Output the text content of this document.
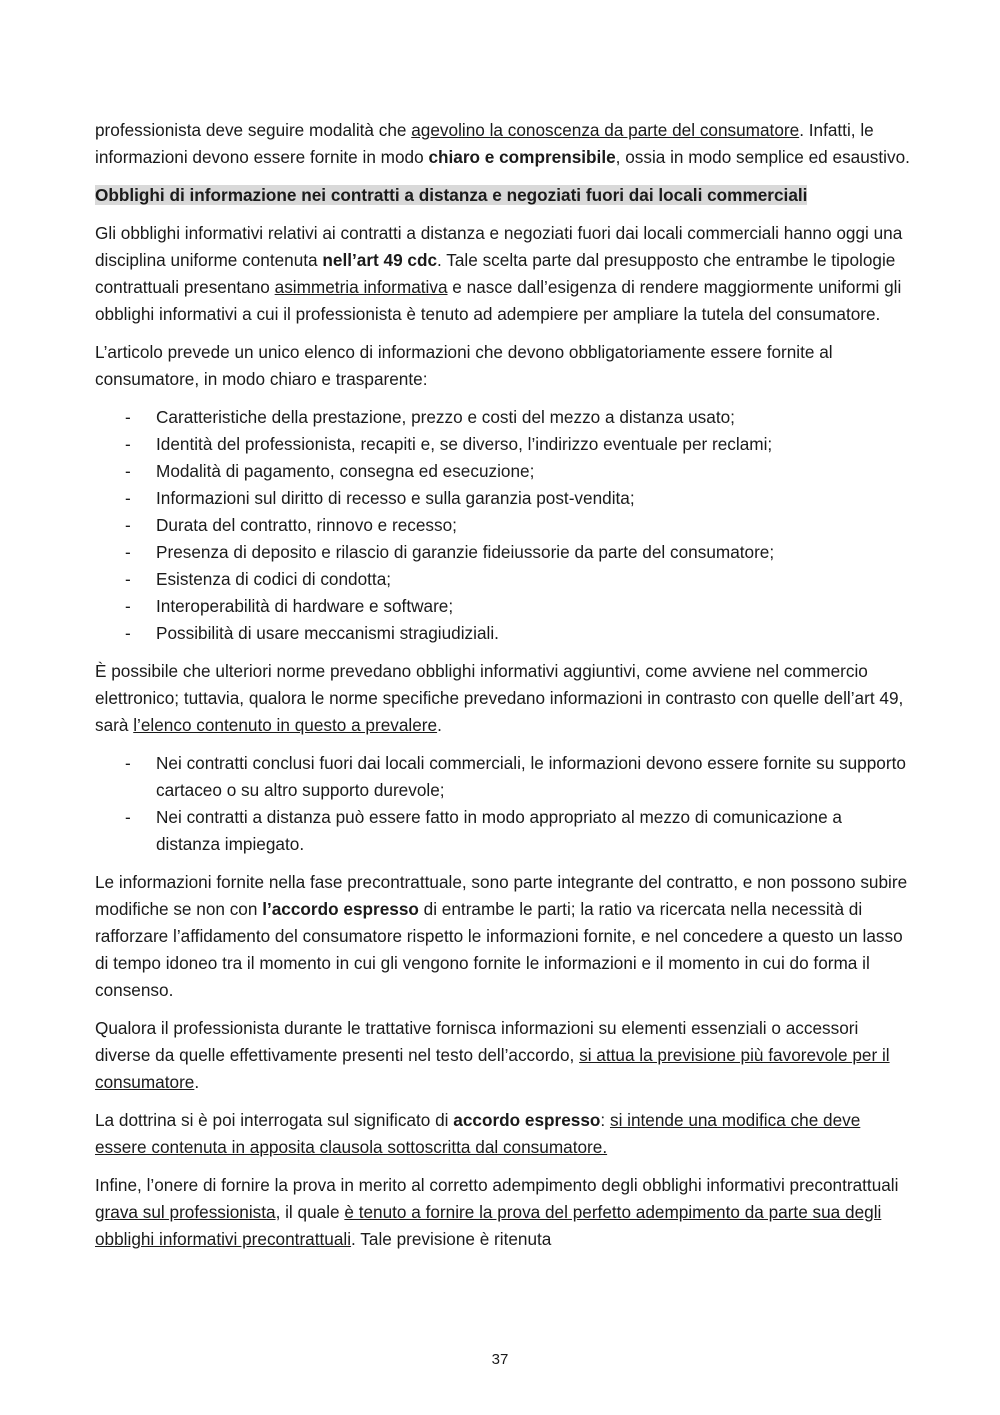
professionista deve seguire modalità che agevolino la conoscenza da parte del consumatore. Infatti, le informazioni devono essere fornite in modo chiaro e comprensibile, ossia in modo semplice ed esaustivo.

Obblighi di informazione nei contratti a distanza e negoziati fuori dai locali commerciali

Gli obblighi informativi relativi ai contratti a distanza e negoziati fuori dai locali commerciali hanno oggi una disciplina uniforme contenuta nell’art 49 cdc. Tale scelta parte dal presupposto che entrambe le tipologie contrattuali presentano asimmetria informativa e nasce dall’esigenza di rendere maggiormente uniformi gli obblighi informativi a cui il professionista è tenuto ad adempiere per ampliare la tutela del consumatore.

L’articolo prevede un unico elenco di informazioni che devono obbligatoriamente essere fornite al consumatore, in modo chiaro e trasparente:

- Caratteristiche della prestazione, prezzo e costi del mezzo a distanza usato;
- Identità del professionista, recapiti e, se diverso, l’indirizzo eventuale per reclami;
- Modalità di pagamento, consegna ed esecuzione;
- Informazioni sul diritto di recesso e sulla garanzia post-vendita;
- Durata del contratto, rinnovo e recesso;
- Presenza di deposito e rilascio di garanzie fideiussorie da parte del consumatore;
- Esistenza di codici di condotta;
- Interoperabilità di hardware e software;
- Possibilità di usare meccanismi stragiudiziali.

È possibile che ulteriori norme prevedano obblighi informativi aggiuntivi, come avviene nel commercio elettronico; tuttavia, qualora le norme specifiche prevedano informazioni in contrasto con quelle dell’art 49, sarà l’elenco contenuto in questo a prevalere.

- Nei contratti conclusi fuori dai locali commerciali, le informazioni devono essere fornite su supporto cartaceo o su altro supporto durevole;
- Nei contratti a distanza può essere fatto in modo appropriato al mezzo di comunicazione a distanza impiegato.

Le informazioni fornite nella fase precontrattuale, sono parte integrante del contratto, e non possono subire modifiche se non con l’accordo espresso di entrambe le parti; la ratio va ricercata nella necessità di rafforzare l’affidamento del consumatore rispetto le informazioni fornite, e nel concedere a questo un lasso di tempo idoneo tra il momento in cui gli vengono fornite le informazioni e il momento in cui do forma il consenso.

Qualora il professionista durante le trattative fornisca informazioni su elementi essenziali o accessori diverse da quelle effettivamente presenti nel testo dell’accordo, si attua la previsione più favorevole per il consumatore.

La dottrina si è poi interrogata sul significato di accordo espresso: si intende una modifica che deve essere contenuta in apposita clausola sottoscritta dal consumatore.

Infine, l’onere di fornire la prova in merito al corretto adempimento degli obblighi informativi precontrattuali grava sul professionista, il quale è tenuto a fornire la prova del perfetto adempimento da parte sua degli obblighi informativi precontrattuali. Tale previsione è ritenuta

37
